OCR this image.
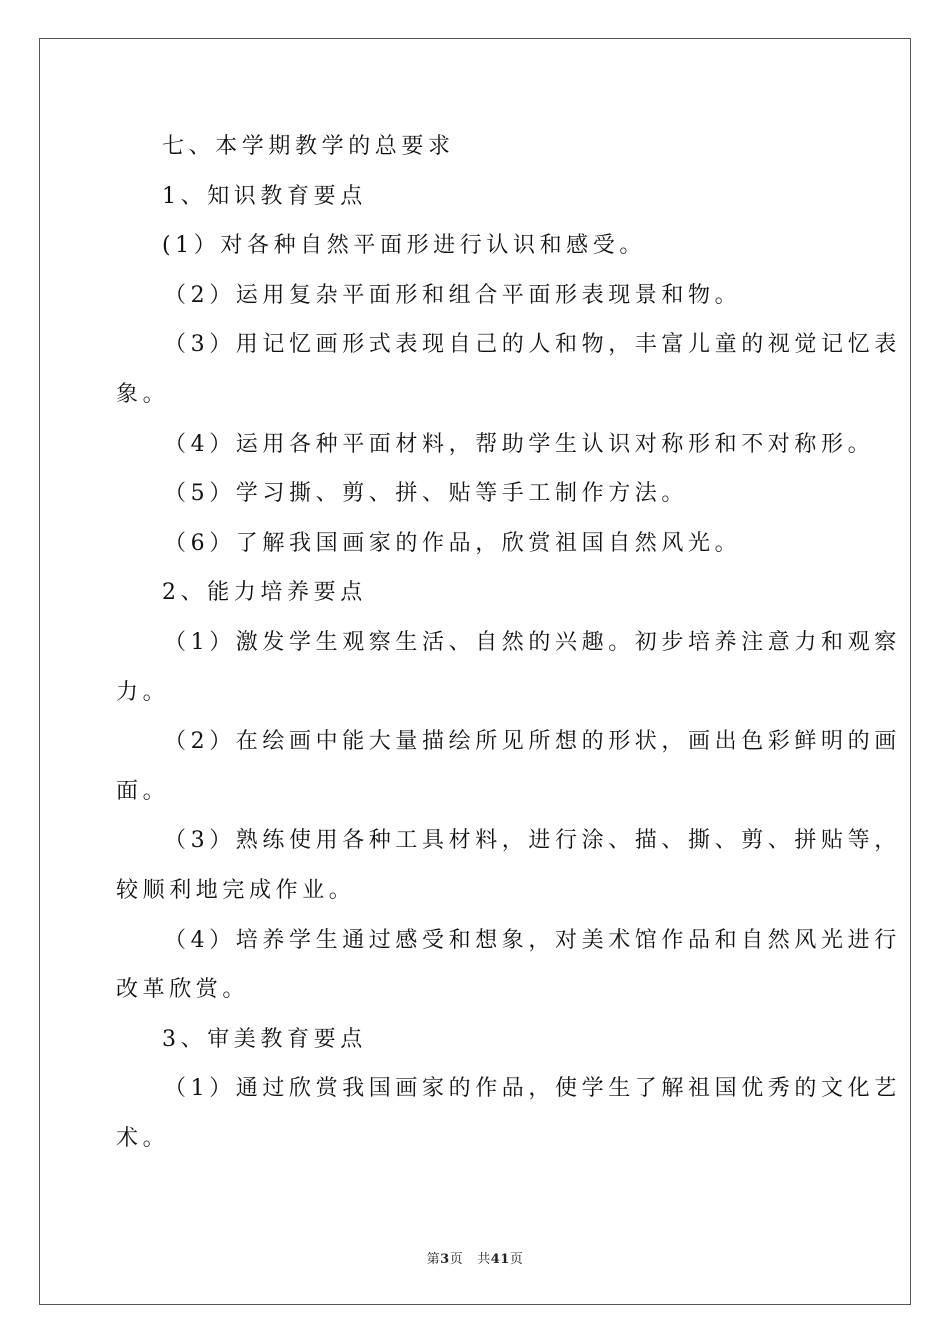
七、本学期教学的总要求
1、知识教育要点
(1）对各种自然平面形进行认识和感受。
（2）运用复杂平面形和组合平面形表现景和物。
（3）用记忆画形式表现自己的人和物，丰富儿童的视觉记忆表
象。
（4）运用各种平面材料，帮助学生认识对称形和不对称形。
（5）学习撕、剪、拼、贴等手工制作方法。
（6）了解我国画家的作品，欣赏祖国自然风光。
2、能力培养要点
（1）激发学生观察生活、自然的兴趣。初步培养注意力和观察
力。
（2）在绘画中能大量描绘所见所想的形状，画出色彩鲜明的画
面。
（3）熟练使用各种工具材料，进行涂、描、撕、剪、拼贴等，
较顺利地完成作业。
（4）培养学生通过感受和想象，对美术馆作品和自然风光进行
改革欣赏。
3、审美教育要点
（1）通过欣赏我国画家的作品，使学生了解祖国优秀的文化艺
术。
第3页 共41页
